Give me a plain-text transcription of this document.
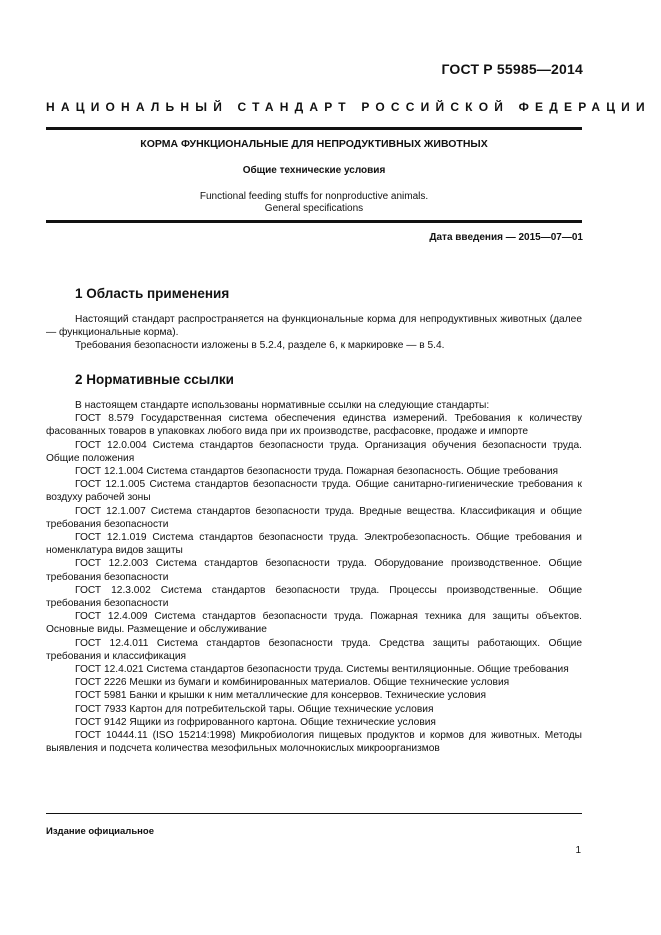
ГОСТ Р 55985—2014
НАЦИОНАЛЬНЫЙ СТАНДАРТ РОССИЙСКОЙ ФЕДЕРАЦИИ
КОРМА ФУНКЦИОНАЛЬНЫЕ ДЛЯ НЕПРОДУКТИВНЫХ ЖИВОТНЫХ
Общие технические условия
Functional feeding stuffs for nonproductive animals.
General specifications
Дата введения — 2015—07—01
1 Область применения

Настоящий стандарт распространяется на функциональные корма для непродуктивных животных (далее — функциональные корма).

Требования безопасности изложены в 5.2.4, разделе 6, к маркировке — в 5.4.

2 Нормативные ссылки

В настоящем стандарте использованы нормативные ссылки на следующие стандарты:

ГОСТ 8.579 Государственная система обеспечения единства измерений. Требования к количеству фасованных товаров в упаковках любого вида при их производстве, расфасовке, продаже и импорте

ГОСТ 12.0.004 Система стандартов безопасности труда. Организация обучения безопасности труда. Общие положения

ГОСТ 12.1.004 Система стандартов безопасности труда. Пожарная безопасность. Общие требования

ГОСТ 12.1.005 Система стандартов безопасности труда. Общие санитарно-гигиенические требования к воздуху рабочей зоны

ГОСТ 12.1.007 Система стандартов безопасности труда. Вредные вещества. Классификация и общие требования безопасности

ГОСТ 12.1.019 Система стандартов безопасности труда. Электробезопасность. Общие требования и номенклатура видов защиты

ГОСТ 12.2.003 Система стандартов безопасности труда. Оборудование производственное. Общие требования безопасности

ГОСТ 12.3.002 Система стандартов безопасности труда. Процессы производственные. Общие требования безопасности

ГОСТ 12.4.009 Система стандартов безопасности труда. Пожарная техника для защиты объектов. Основные виды. Размещение и обслуживание

ГОСТ 12.4.011 Система стандартов безопасности труда. Средства защиты работающих. Общие требования и классификация

ГОСТ 12.4.021 Система стандартов безопасности труда. Системы вентиляционные. Общие требования

ГОСТ 2226 Мешки из бумаги и комбинированных материалов. Общие технические условия

ГОСТ 5981 Банки и крышки к ним металлические для консервов. Технические условия

ГОСТ 7933 Картон для потребительской тары. Общие технические условия

ГОСТ 9142 Ящики из гофрированного картона. Общие технические условия

ГОСТ 10444.11 (ISO 15214:1998) Микробиология пищевых продуктов и кормов для животных. Методы выявления и подсчета количества мезофильных молочнокислых микроорганизмов

Издание официальное
1
